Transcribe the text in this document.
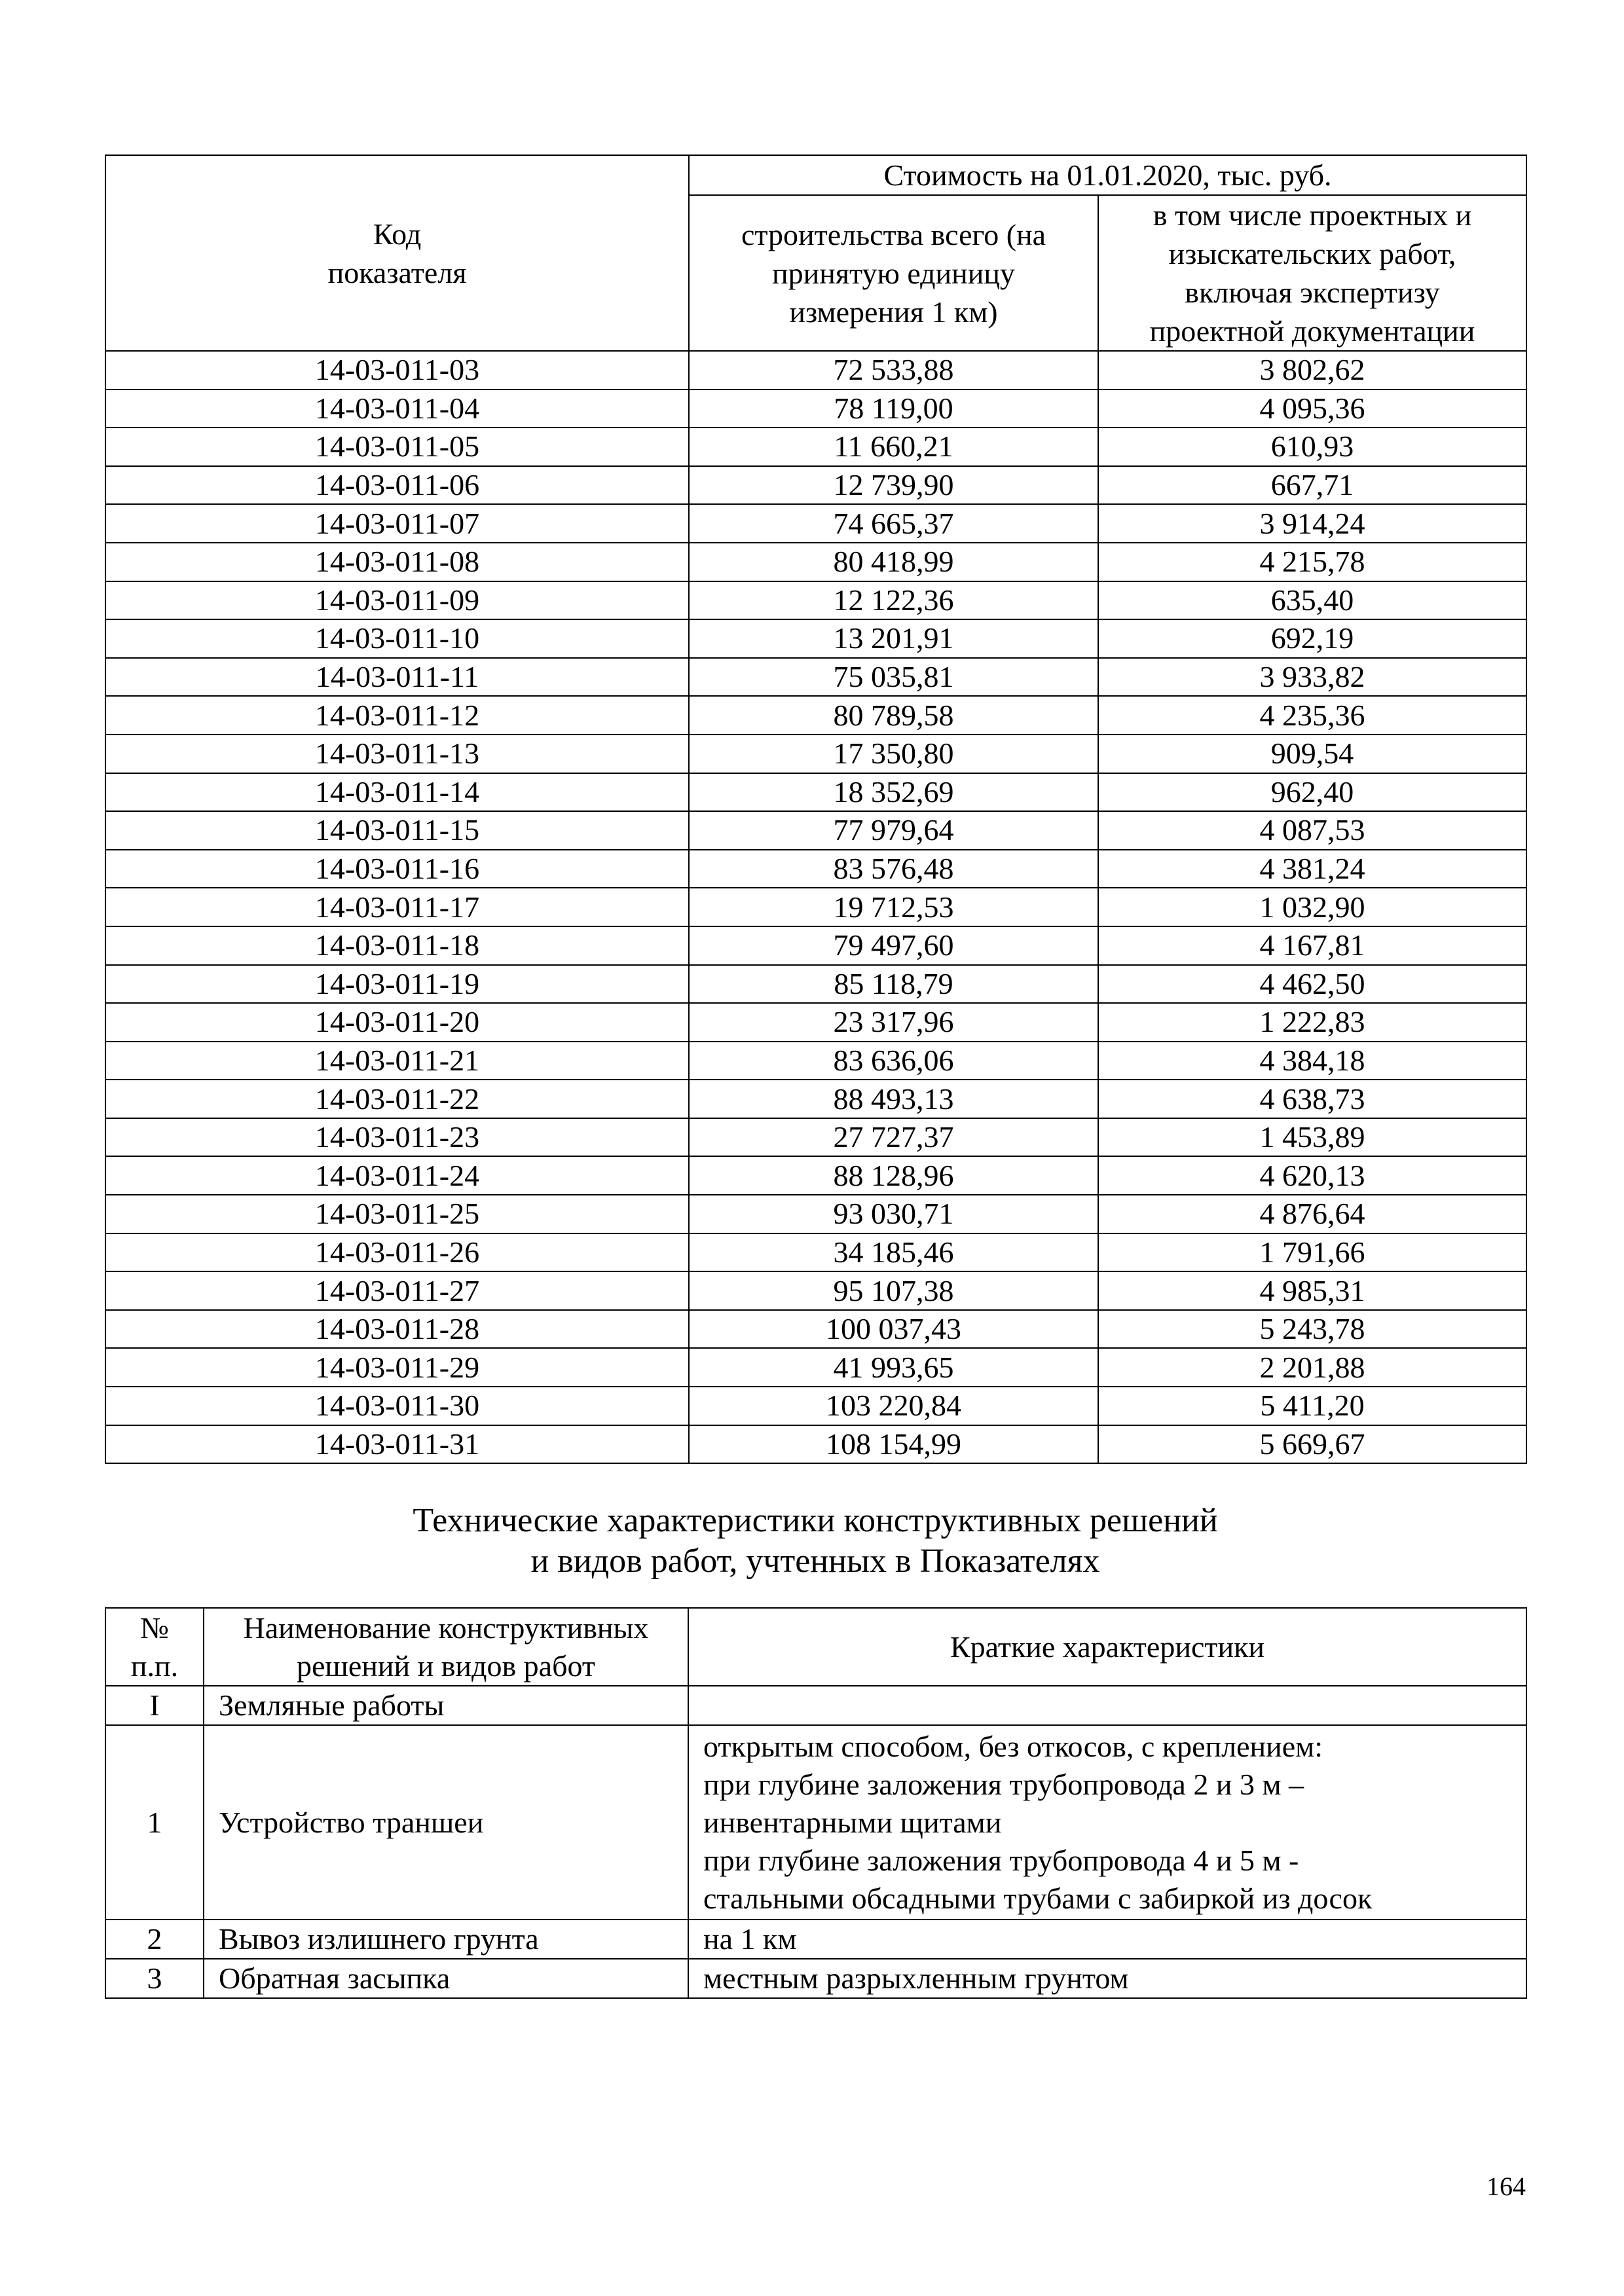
Код
показателя	Стоимость на 01.01.2020, тыс. руб.	
	строительства всего (на
принятую единицу
измерения 1 км)	в том числе проектных и
изыскательских работ,
включая экспертизу
проектной документации
14-03-011-03	72 533,88	3 802,62
14-03-011-04	78 119,00	4 095,36
14-03-011-05	11 660,21	610,93
14-03-011-06	12 739,90	667,71
14-03-011-07	74 665,37	3 914,24
14-03-011-08	80 418,99	4 215,78
14-03-011-09	12 122,36	635,40
14-03-011-10	13 201,91	692,19
14-03-011-11	75 035,81	3 933,82
14-03-011-12	80 789,58	4 235,36
14-03-011-13	17 350,80	909,54
14-03-011-14	18 352,69	962,40
14-03-011-15	77 979,64	4 087,53
14-03-011-16	83 576,48	4 381,24
14-03-011-17	19 712,53	1 032,90
14-03-011-18	79 497,60	4 167,81
14-03-011-19	85 118,79	4 462,50
14-03-011-20	23 317,96	1 222,83
14-03-011-21	83 636,06	4 384,18
14-03-011-22	88 493,13	4 638,73
14-03-011-23	27 727,37	1 453,89
14-03-011-24	88 128,96	4 620,13
14-03-011-25	93 030,71	4 876,64
14-03-011-26	34 185,46	1 791,66
14-03-011-27	95 107,38	4 985,31
14-03-011-28	100 037,43	5 243,78
14-03-011-29	41 993,65	2 201,88
14-03-011-30	103 220,84	5 411,20
14-03-011-31	108 154,99	5 669,67
Технические характеристики конструктивных решений
и видов работ, учтенных в Показателях
№
п.п.	Наименование конструктивных
решений и видов работ	Краткие характеристики
I	Земляные работы	
1	Устройство траншеи	открытым способом, без откосов, с креплением:
при глубине заложения трубопровода 2 и 3 м –
инвентарными щитами
при глубине заложения трубопровода 4 и 5 м -
стальными обсадными трубами с забиркой из досок

2	Вывоз излишнего грунта	на 1 км

3	Обратная засыпка	местным разрыхленным грунтом
164
